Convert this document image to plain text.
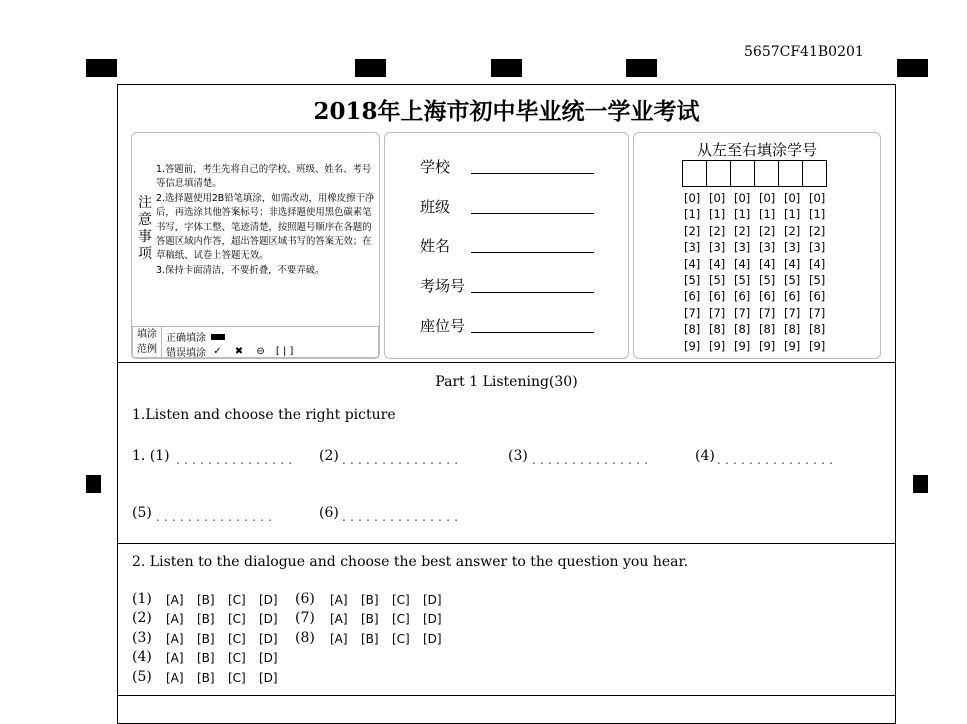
5657CF41B0201
2018年上海市初中毕业统一学业考试
注
意
事
项

1.答题前，考生先将自己的学校、班级、姓名、考号等信息填清楚。

2.选择题使用2B铅笔填涂，如需改动，用橡皮擦干净后，再选涂其他答案标号；非选择题使用黑色碳素笔书写，字体工整、笔迹清楚，按照题号顺序在各题的答题区域内作答，超出答题区域书写的答案无效；在草稿纸、试卷上答题无效。

3.保持卡面清洁，不要折叠，不要弄破。

填涂
范例
正确填涂
错误填涂 ✓ ✖ ⊖ [ | ]
学校
班级
姓名
考场号
座位号
从左至右填涂学号
[0] [0] [0] [0] [0] [0]
[1] [1] [1] [1] [1] [1]
[2] [2] [2] [2] [2] [2]
[3] [3] [3] [3] [3] [3]
[4] [4] [4] [4] [4] [4]
[5] [5] [5] [5] [5] [5]
[6] [6] [6] [6] [6] [6]
[7] [7] [7] [7] [7] [7]
[8] [8] [8] [8] [8] [8]
[9] [9] [9] [9] [9] [9]
Part 1 Listening(30)
1.Listen and choose the right picture
1. (1) ............... (2) ...............	(3) ...............	(4) ...............
(5) ...............	(6) ...............
2. Listen to the dialogue and choose the best answer to the question you hear.
(1) [A] [B] [C] [D]
(2) [A] [B] [C] [D]
(3) [A] [B] [C] [D]
(4) [A] [B] [C] [D]
(5) [A] [B] [C] [D]
(6) [A] [B] [C] [D]
(7) [A] [B] [C] [D]
(8) [A] [B] [C] [D]
